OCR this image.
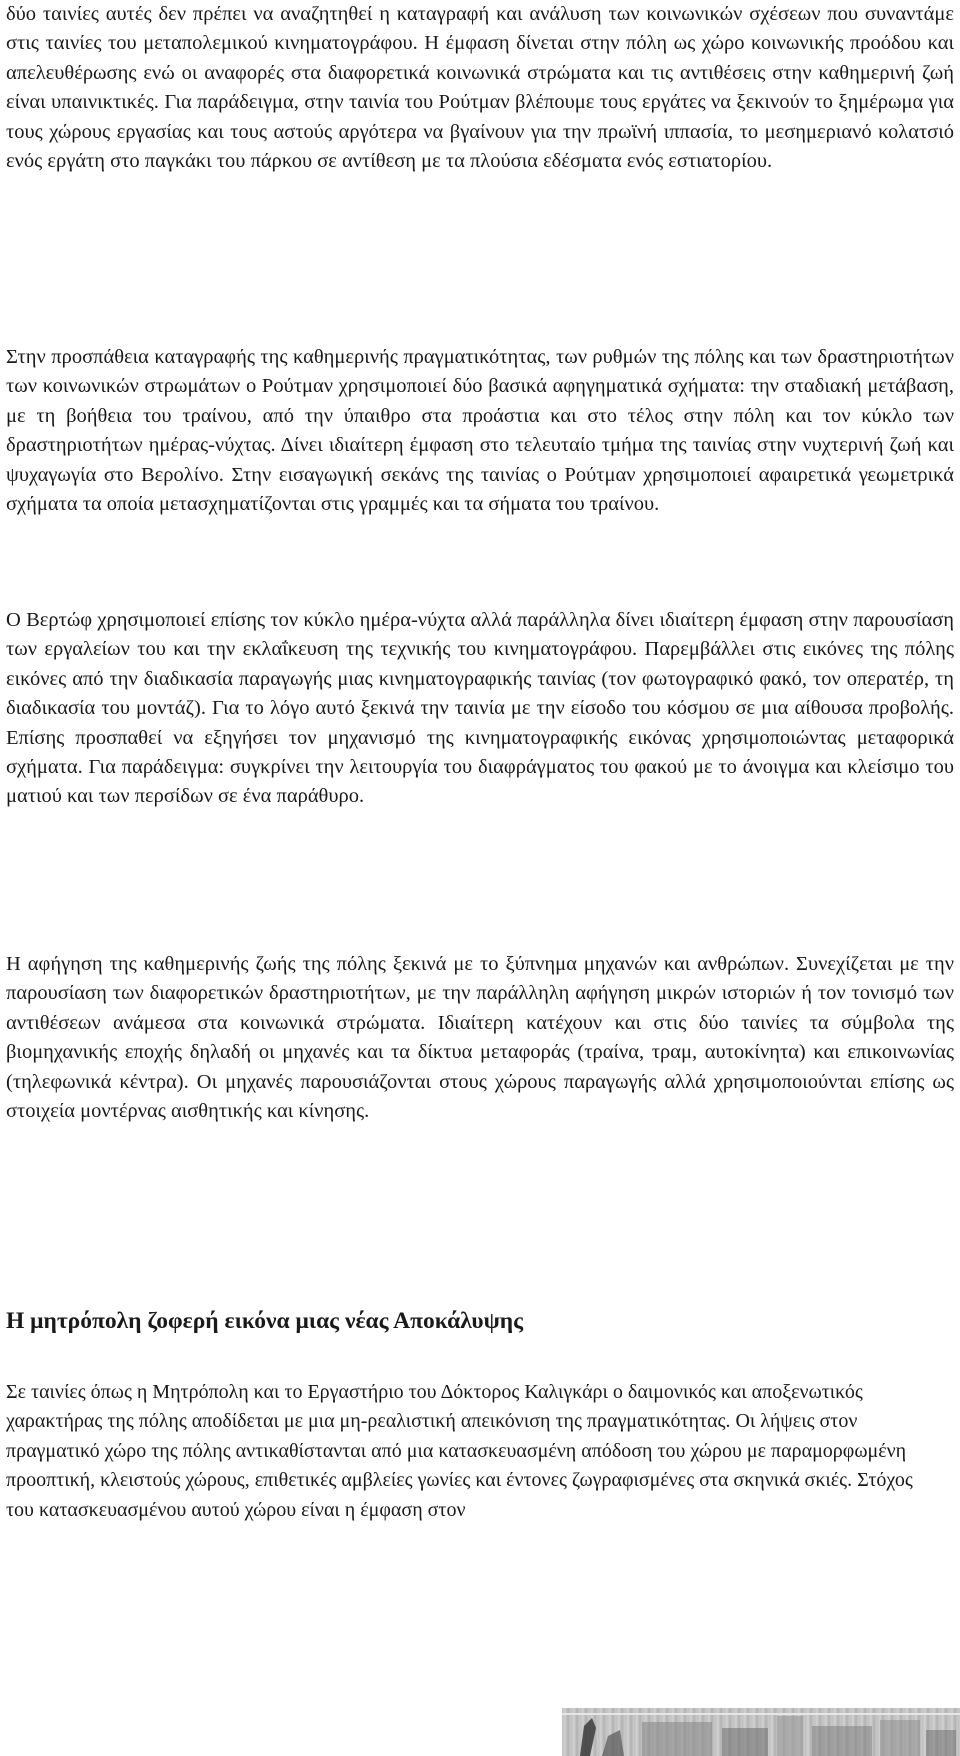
δύο ταινίες αυτές δεν πρέπει να αναζητηθεί η καταγραφή και ανάλυση των κοινωνικών σχέσεων που συναντάμε στις ταινίες του μεταπολεμικού κινηματογράφου. Η έμφαση δίνεται στην πόλη ως χώρο κοινωνικής προόδου και απελευθέρωσης ενώ οι αναφορές στα διαφορετικά κοινωνικά στρώματα και τις αντιθέσεις στην καθημερινή ζωή είναι υπαινικτικές. Για παράδειγμα, στην ταινία του Ρούτμαν βλέπουμε τους εργάτες να ξεκινούν το ξημέρωμα για τους χώρους εργασίας και τους αστούς αργότερα να βγαίνουν για την πρωϊνή ιππασία, το μεσημεριανό κολατσιό ενός εργάτη στο παγκάκι του πάρκου σε αντίθεση με τα πλούσια εδέσματα ενός εστιατορίου.

Στην προσπάθεια καταγραφής της καθημερινής πραγματικότητας, των ρυθμών της πόλης και των δραστηριοτήτων των κοινωνικών στρωμάτων ο Ρούτμαν χρησιμοποιεί δύο βασικά αφηγηματικά σχήματα: την σταδιακή μετάβαση, με τη βοήθεια του τραίνου, από την ύπαιθρο στα προάστια και στο τέλος στην πόλη και τον κύκλο των δραστηριοτήτων ημέρας-νύχτας. Δίνει ιδιαίτερη έμφαση στο τελευταίο τμήμα της ταινίας στην νυχτερινή ζωή και ψυχαγωγία στο Βερολίνο. Στην εισαγωγική σεκάνς της ταινίας ο Ρούτμαν χρησιμοποιεί αφαιρετικά γεωμετρικά σχήματα τα οποία μετασχηματίζονται στις γραμμές και τα σήματα του τραίνου.

Ο Βερτώφ χρησιμοποιεί επίσης τον κύκλο ημέρα-νύχτα αλλά παράλληλα δίνει ιδιαίτερη έμφαση στην παρουσίαση των εργαλείων του και την εκλαΐκευση της τεχνικής του κινηματογράφου. Παρεμβάλλει στις εικόνες της πόλης εικόνες από την διαδικασία παραγωγής μιας κινηματογραφικής ταινίας (τον φωτογραφικό φακό, τον οπερατέρ, τη διαδικασία του μοντάζ). Για το λόγο αυτό ξεκινά την ταινία με την είσοδο του κόσμου σε μια αίθουσα προβολής. Επίσης προσπαθεί να εξηγήσει τον μηχανισμό της κινηματογραφικής εικόνας χρησιμοποιώντας μεταφορικά σχήματα. Για παράδειγμα: συγκρίνει την λειτουργία του διαφράγματος του φακού με το άνοιγμα και κλείσιμο του ματιού και των περσίδων σε ένα παράθυρο.

Η αφήγηση της καθημερινής ζωής της πόλης ξεκινά με το ξύπνημα μηχανών και ανθρώπων. Συνεχίζεται με την παρουσίαση των διαφορετικών δραστηριοτήτων, με την παράλληλη αφήγηση μικρών ιστοριών ή τον τονισμό των αντιθέσεων ανάμεσα στα κοινωνικά στρώματα. Ιδιαίτερη κατέχουν και στις δύο ταινίες τα σύμβολα της βιομηχανικής εποχής δηλαδή οι μηχανές και τα δίκτυα μεταφοράς (τραίνα, τραμ, αυτοκίνητα) και επικοινωνίας (τηλεφωνικά κέντρα). Οι μηχανές παρουσιάζονται στους χώρους παραγωγής αλλά χρησιμοποιούνται επίσης ως στοιχεία μοντέρνας αισθητικής και κίνησης.

Η μητρόπολη ζοφερή εικόνα μιας νέας Αποκάλυψης

Σε ταινίες όπως η Μητρόπολη και το Εργαστήριο του Δόκτορος Καλιγκάρι ο δαιμονικός και αποξενωτικός χαρακτήρας της πόλης αποδίδεται με μια μη-ρεαλιστική απεικόνιση της πραγματικότητας. Οι λήψεις στον πραγματικό χώρο της πόλης αντικαθίστανται από μια κατασκευασμένη απόδοση του χώρου με παραμορφωμένη προοπτική, κλειστούς χώρους, επιθετικές αμβλείες γωνίες και έντονες ζωγραφισμένες στα σκηνικά σκιές. Στόχος του κατασκευασμένου αυτού χώρου είναι η έμφαση στον
